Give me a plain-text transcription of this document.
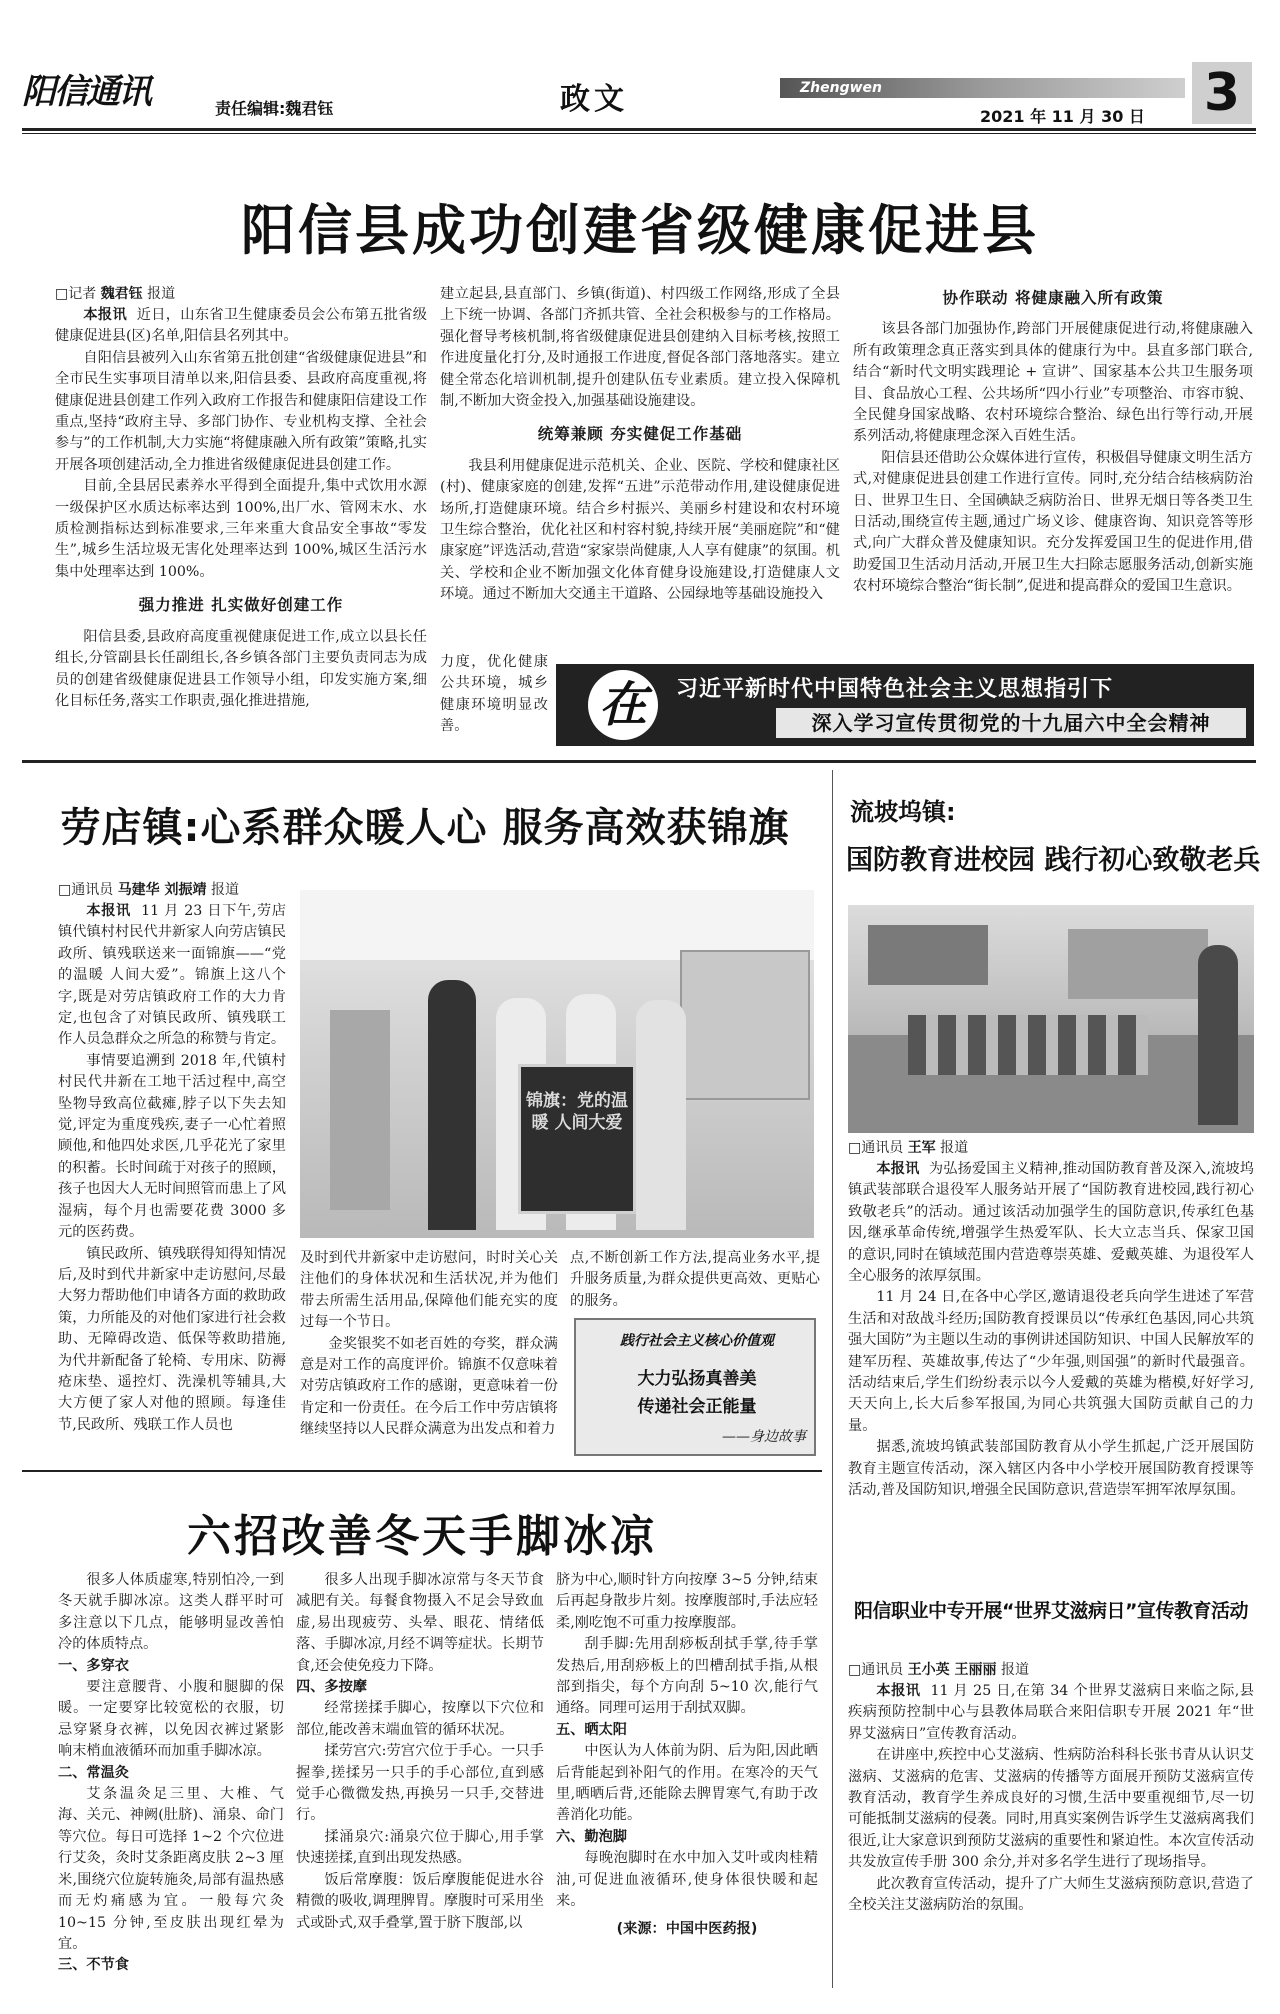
阳信通讯	责任编辑:魏君钰	政文	Zhengwen
2021 年 11 月 30 日 3
阳信县成功创建省级健康促进县

□记者 魏君钰 报道

本报讯 近日，山东省卫生健康委员会公布第五批省级健康促进县(区)名单,阳信县名列其中。

自阳信县被列入山东省第五批创建“省级健康促进县”和全市民生实事项目清单以来,阳信县委、县政府高度重视,将健康促进县创建工作列入政府工作报告和健康阳信建设工作重点,坚持“政府主导、多部门协作、专业机构支撑、全社会参与”的工作机制,大力实施“将健康融入所有政策”策略,扎实开展各项创建活动,全力推进省级健康促进县创建工作。

目前,全县居民素养水平得到全面提升,集中式饮用水源一级保护区水质达标率达到 100%,出厂水、管网末水、水质检测指标达到标准要求,三年来重大食品安全事故“零发生”,城乡生活垃圾无害化处理率达到 100%,城区生活污水集中处理率达到 100%。

强力推进 扎实做好创建工作

阳信县委,县政府高度重视健康促进工作,成立以县长任组长,分管副县长任副组长,各乡镇各部门主要负责同志为成员的创建省级健康促进县工作领导小组，印发实施方案,细化目标任务,落实工作职责,强化推进措施,

建立起县,县直部门、乡镇(街道)、村四级工作网络,形成了全县上下统一协调、各部门齐抓共管、全社会积极参与的工作格局。强化督导考核机制,将省级健康促进县创建纳入目标考核,按照工作进度量化打分,及时通报工作进度,督促各部门落地落实。建立健全常态化培训机制,提升创建队伍专业素质。建立投入保障机制,不断加大资金投入,加强基础设施建设。

统筹兼顾 夯实健促工作基础

我县利用健康促进示范机关、企业、医院、学校和健康社区(村)、健康家庭的创建,发挥“五进”示范带动作用,建设健康促进场所,打造健康环境。结合乡村振兴、美丽乡村建设和农村环境卫生综合整治，优化社区和村容村貌,持续开展“美丽庭院”和“健康家庭”评选活动,营造“家家崇尚健康,人人享有健康”的氛围。机关、学校和企业不断加强文化体育健身设施建设,打造健康人文环境。通过不断加大交通主干道路、公园绿地等基础设施投入

力度，优化健康公共环境，城乡健康环境明显改善。

协作联动 将健康融入所有政策

该县各部门加强协作,跨部门开展健康促进行动,将健康融入所有政策理念真正落实到具体的健康行为中。县直多部门联合,结合“新时代文明实践理论 + 宣讲”、国家基本公共卫生服务项目、食品放心工程、公共场所“四小行业”专项整治、市容市貌、全民健身国家战略、农村环境综合整治、绿色出行等行动,开展系列活动,将健康理念深入百姓生活。

阳信县还借助公众媒体进行宣传，积极倡导健康文明生活方式,对健康促进县创建工作进行宣传。同时,充分结合结核病防治日、世界卫生日、全国碘缺乏病防治日、世界无烟日等各类卫生日活动,围绕宣传主题,通过广场义诊、健康咨询、知识竞答等形式,向广大群众普及健康知识。充分发挥爱国卫生的促进作用,借助爱国卫生活动月活动,开展卫生大扫除志愿服务活动,创新实施农村环境综合整治“街长制”,促进和提高群众的爱国卫生意识。

在	习近平新时代中国特色社会主义思想指引下
深入学习宣传贯彻党的十九届六中全会精神
劳店镇:心系群众暖人心 服务高效获锦旗

□通讯员 马建华 刘振靖 报道

本报讯 11 月 23 日下午,劳店镇代镇村村民代井新家人向劳店镇民政所、镇残联送来一面锦旗——“党的温暖 人间大爱”。锦旗上这八个字,既是对劳店镇政府工作的大力肯定,也包含了对镇民政所、镇残联工作人员急群众之所急的称赞与肯定。

事情要追溯到 2018 年,代镇村村民代井新在工地干活过程中,高空坠物导致高位截瘫,脖子以下失去知觉,评定为重度残疾,妻子一心忙着照顾他,和他四处求医,几乎花光了家里的积蓄。长时间疏于对孩子的照顾，孩子也因大人无时间照管而患上了风湿病，每个月也需要花费 3000 多元的医药费。

镇民政所、镇残联得知得知情况后,及时到代井新家中走访慰问,尽最大努力帮助他们申请各方面的救助政策，力所能及的对他们家进行社会救助、无障碍改造、低保等救助措施,为代井新配备了轮椅、专用床、防褥疮床垫、遥控灯、洗澡机等辅具,大大方便了家人对他的照顾。每逢佳节,民政所、残联工作人员也

锦旗：党的温暖 人间大爱

及时到代井新家中走访慰问，时时关心关注他们的身体状况和生活状况,并为他们带去所需生活用品,保障他们能充实的度过每一个节日。

金奖银奖不如老百姓的夸奖，群众满意是对工作的高度评价。锦旗不仅意味着对劳店镇政府工作的感谢，更意味着一份肯定和一份责任。在今后工作中劳店镇将继续坚持以人民群众满意为出发点和着力

点,不断创新工作方法,提高业务水平,提升服务质量,为群众提供更高效、更贴心的服务。

践行社会主义核心价值观
大力弘扬真善美
传递社会正能量
——身边故事
流坡坞镇:
国防教育进校园 践行初心致敬老兵

□通讯员 王军 报道

本报讯 为弘扬爱国主义精神,推动国防教育普及深入,流坡坞镇武装部联合退役军人服务站开展了“国防教育进校园,践行初心致敬老兵”的活动。通过该活动加强学生的国防意识,传承红色基因,继承革命传统,增强学生热爱军队、长大立志当兵、保家卫国的意识,同时在镇域范围内营造尊崇英雄、爱戴英雄、为退役军人全心服务的浓厚氛围。

11 月 24 日,在各中心学区,邀请退役老兵向学生进述了军营生活和对敌战斗经历;国防教育授课员以“传承红色基因,同心共筑强大国防”为主题以生动的事例讲述国防知识、中国人民解放军的建军历程、英雄故事,传达了“少年强,则国强”的新时代最强音。活动结束后,学生们纷纷表示以今人爱戴的英雄为楷模,好好学习,天天向上,长大后参军报国,为同心共筑强大国防贡献自己的力量。

据悉,流坡坞镇武装部国防教育从小学生抓起,广泛开展国防教育主题宣传活动，深入辖区内各中小学校开展国防教育授课等活动,普及国防知识,增强全民国防意识,营造崇军拥军浓厚氛围。

六招改善冬天手脚冰凉

很多人体质虚寒,特别怕冷,一到冬天就手脚冰凉。这类人群平时可多注意以下几点，能够明显改善怕冷的体质特点。

一、多穿衣

要注意腰背、小腹和腿脚的保暖。一定要穿比较宽松的衣服，切忌穿紧身衣裤，以免因衣裤过紧影响末梢血液循环而加重手脚冰凉。

二、常温灸

艾条温灸足三里、大椎、气海、关元、神阙(肚脐)、涌泉、命门等穴位。每日可选择 1~2 个穴位进行艾灸，灸时艾条距离皮肤 2~3 厘米,围绕穴位旋转施灸,局部有温热感而无灼痛感为宜。一般每穴灸 10~15 分钟,至皮肤出现红晕为宜。

三、不节食

很多人出现手脚冰凉常与冬天节食减肥有关。每餐食物摄入不足会导致血虚,易出现疲劳、头晕、眼花、情绪低落、手脚冰凉,月经不调等症状。长期节食,还会使免疫力下降。

四、多按摩

经常搓揉手脚心，按摩以下穴位和部位,能改善末端血管的循环状况。

揉劳宫穴:劳宫穴位于手心。一只手握拳,搓揉另一只手的手心部位,直到感觉手心微微发热,再换另一只手,交替进行。

揉涌泉穴:涌泉穴位于脚心,用手掌快速搓揉,直到出现发热感。

饭后常摩腹：饭后摩腹能促进水谷精微的吸收,调理脾胃。摩腹时可采用坐式或卧式,双手叠掌,置于脐下腹部,以

脐为中心,顺时针方向按摩 3~5 分钟,结束后再起身散步片刻。按摩腹部时,手法应轻柔,刚吃饱不可重力按摩腹部。

刮手脚:先用刮痧板刮拭手掌,待手掌发热后,用刮痧板上的凹槽刮拭手指,从根部到指尖，每个方向刮 5~10 次,能行气通络。同理可运用于刮拭双脚。

五、晒太阳

中医认为人体前为阴、后为阳,因此晒后背能起到补阳气的作用。在寒冷的天气里,晒晒后背,还能除去脾胃寒气,有助于改善消化功能。

六、勤泡脚

每晚泡脚时在水中加入艾叶或肉桂精油,可促进血液循环,使身体很快暖和起来。

(来源：中国中医药报)

阳信职业中专开展“世界艾滋病日”宣传教育活动

□通讯员 王小英 王丽丽 报道

本报讯 11 月 25 日,在第 34 个世界艾滋病日来临之际,县疾病预防控制中心与县教体局联合来阳信职专开展 2021 年“世界艾滋病日”宣传教育活动。

在讲座中,疾控中心艾滋病、性病防治科科长张书青从认识艾滋病、艾滋病的危害、艾滋病的传播等方面展开预防艾滋病宣传教育活动，教育学生养成良好的习惯,生活中要重视细节,尽一切可能抵制艾滋病的侵袭。同时,用真实案例告诉学生艾滋病离我们很近,让大家意识到预防艾滋病的重要性和紧迫性。本次宣传活动共发放宣传手册 300 余分,并对多名学生进行了现场指导。

此次教育宣传活动，提升了广大师生艾滋病预防意识,营造了全校关注艾滋病防治的氛围。
